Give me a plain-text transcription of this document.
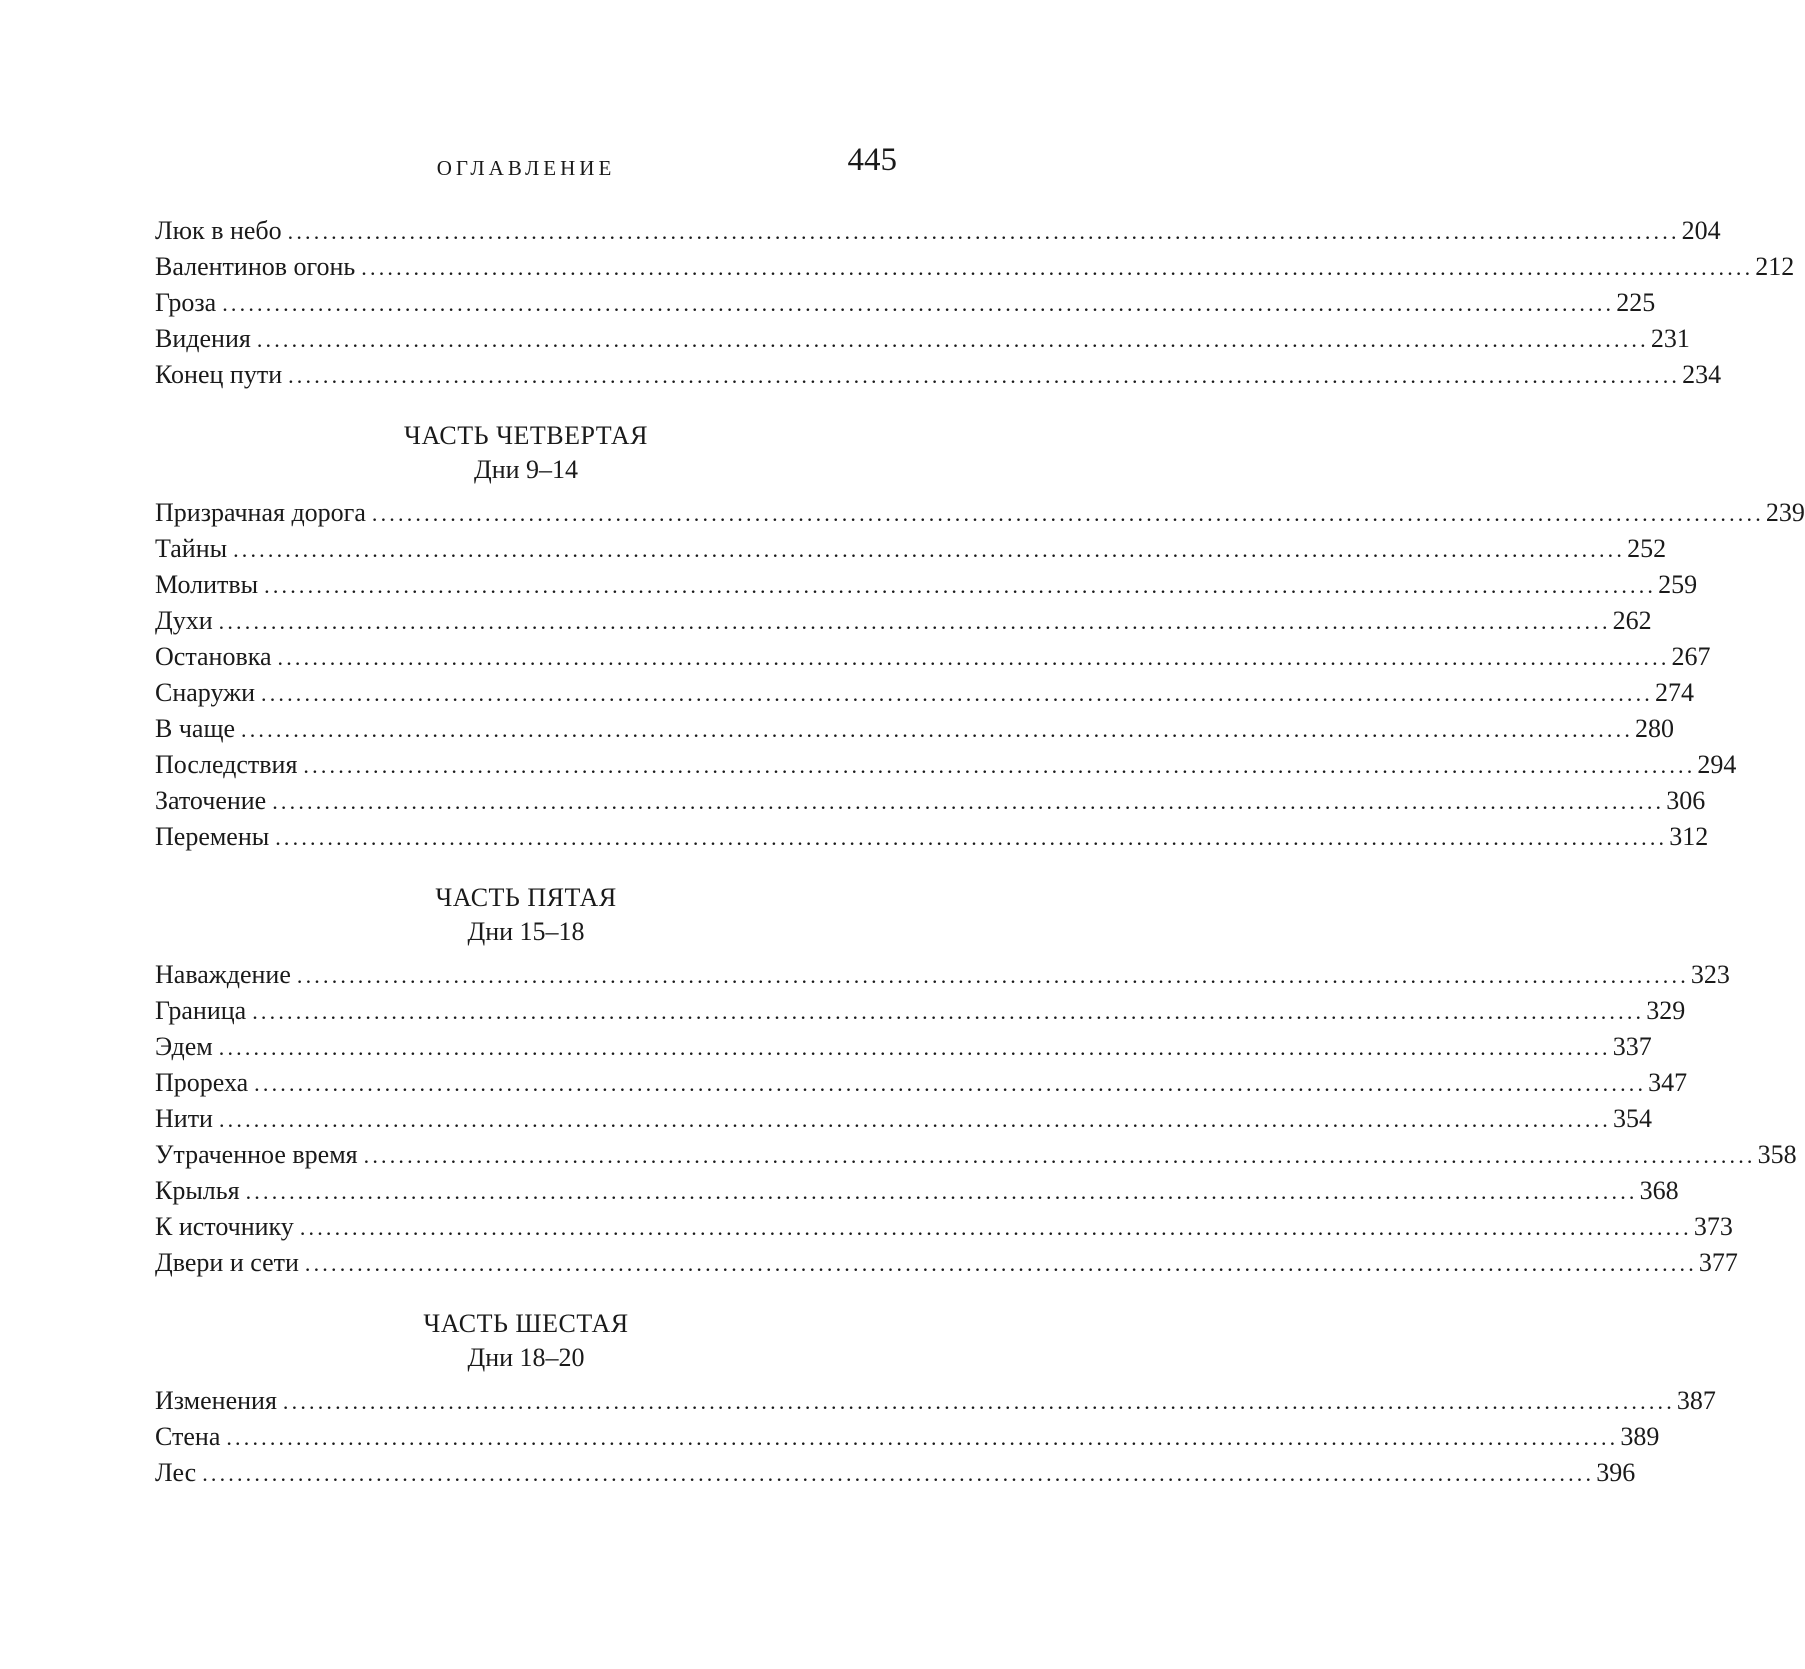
ОГЛАВЛЕНИЕ	445
Люк в небо ................................................................................................................................................................ 204
Валентинов огонь ................................................................................................................................................................ 212
Гроза ................................................................................................................................................................ 225
Видения ................................................................................................................................................................ 231
Конец пути ................................................................................................................................................................ 234
ЧАСТЬ ЧЕТВЕРТАЯ
Дни 9–14
Призрачная дорога ................................................................................................................................................................ 239
Тайны ................................................................................................................................................................ 252
Молитвы ................................................................................................................................................................ 259
Духи ................................................................................................................................................................ 262
Остановка ................................................................................................................................................................ 267
Снаружи ................................................................................................................................................................ 274
В чаще ................................................................................................................................................................ 280
Последствия ................................................................................................................................................................ 294
Заточение ................................................................................................................................................................ 306
Перемены ................................................................................................................................................................ 312
ЧАСТЬ ПЯТАЯ
Дни 15–18
Наваждение ................................................................................................................................................................ 323
Граница ................................................................................................................................................................ 329
Эдем ................................................................................................................................................................ 337
Прореха ................................................................................................................................................................ 347
Нити ................................................................................................................................................................ 354
Утраченное время ................................................................................................................................................................ 358
Крылья ................................................................................................................................................................ 368
К источнику ................................................................................................................................................................ 373
Двери и сети ................................................................................................................................................................ 377
ЧАСТЬ ШЕСТАЯ
Дни 18–20
Изменения ................................................................................................................................................................ 387
Стена ................................................................................................................................................................ 389
Лес ................................................................................................................................................................ 396
